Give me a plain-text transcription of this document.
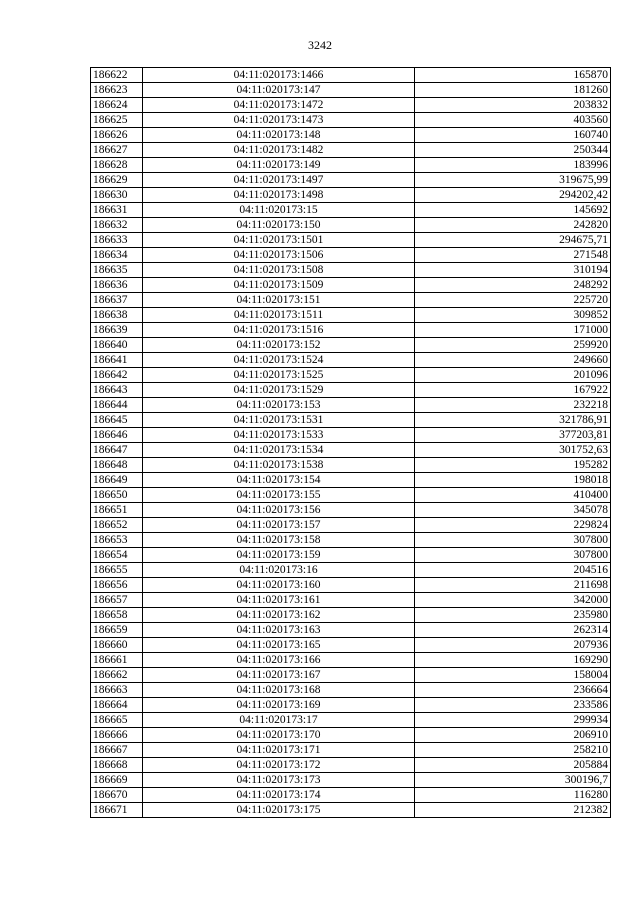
3242
186622	04:11:020173:1466	165870
186623	04:11:020173:147	181260
186624	04:11:020173:1472	203832
186625	04:11:020173:1473	403560
186626	04:11:020173:148	160740
186627	04:11:020173:1482	250344
186628	04:11:020173:149	183996
186629	04:11:020173:1497	319675,99
186630	04:11:020173:1498	294202,42
186631	04:11:020173:15	145692
186632	04:11:020173:150	242820
186633	04:11:020173:1501	294675,71
186634	04:11:020173:1506	271548
186635	04:11:020173:1508	310194
186636	04:11:020173:1509	248292
186637	04:11:020173:151	225720
186638	04:11:020173:1511	309852
186639	04:11:020173:1516	171000
186640	04:11:020173:152	259920
186641	04:11:020173:1524	249660
186642	04:11:020173:1525	201096
186643	04:11:020173:1529	167922
186644	04:11:020173:153	232218
186645	04:11:020173:1531	321786,91
186646	04:11:020173:1533	377203,81
186647	04:11:020173:1534	301752,63
186648	04:11:020173:1538	195282
186649	04:11:020173:154	198018
186650	04:11:020173:155	410400
186651	04:11:020173:156	345078
186652	04:11:020173:157	229824
186653	04:11:020173:158	307800
186654	04:11:020173:159	307800
186655	04:11:020173:16	204516
186656	04:11:020173:160	211698
186657	04:11:020173:161	342000
186658	04:11:020173:162	235980
186659	04:11:020173:163	262314
186660	04:11:020173:165	207936
186661	04:11:020173:166	169290
186662	04:11:020173:167	158004
186663	04:11:020173:168	236664
186664	04:11:020173:169	233586
186665	04:11:020173:17	299934
186666	04:11:020173:170	206910
186667	04:11:020173:171	258210
186668	04:11:020173:172	205884
186669	04:11:020173:173	300196,7
186670	04:11:020173:174	116280
186671	04:11:020173:175	212382
